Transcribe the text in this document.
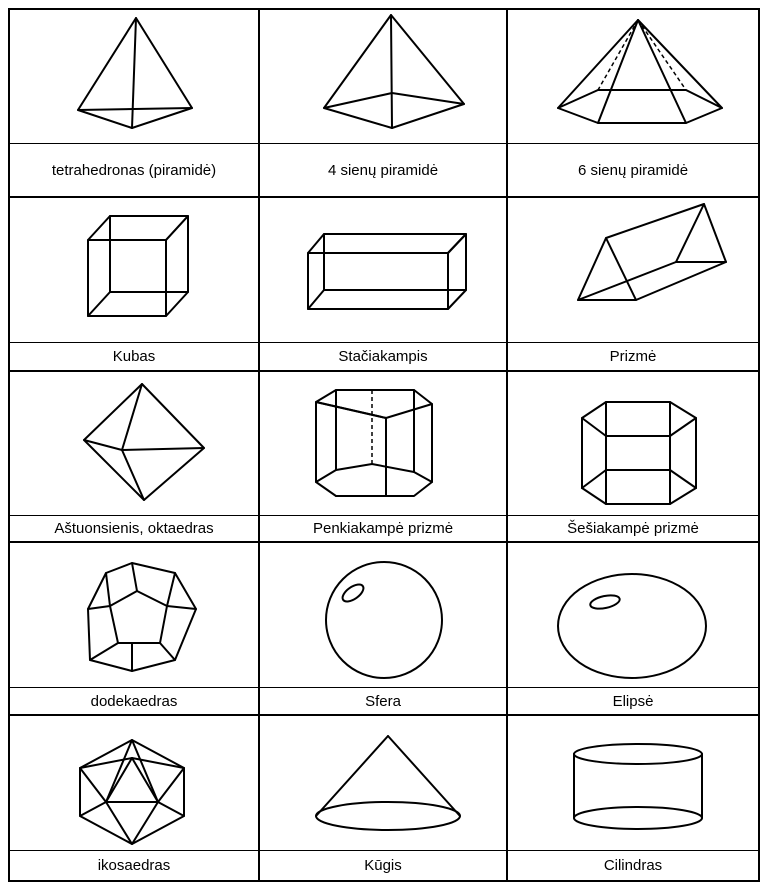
tetrahedronas (piramidė)	4 sienų piramidė	6 sienų piramidė
Kubas	Stačiakampis	Prizmė
Aštuonsienis, oktaedras	Penkiakampė prizmė	Šešiakampė prizmė
dodekaedras	Sfera	Elipsė
ikosaedras	Kūgis	Cilindras
